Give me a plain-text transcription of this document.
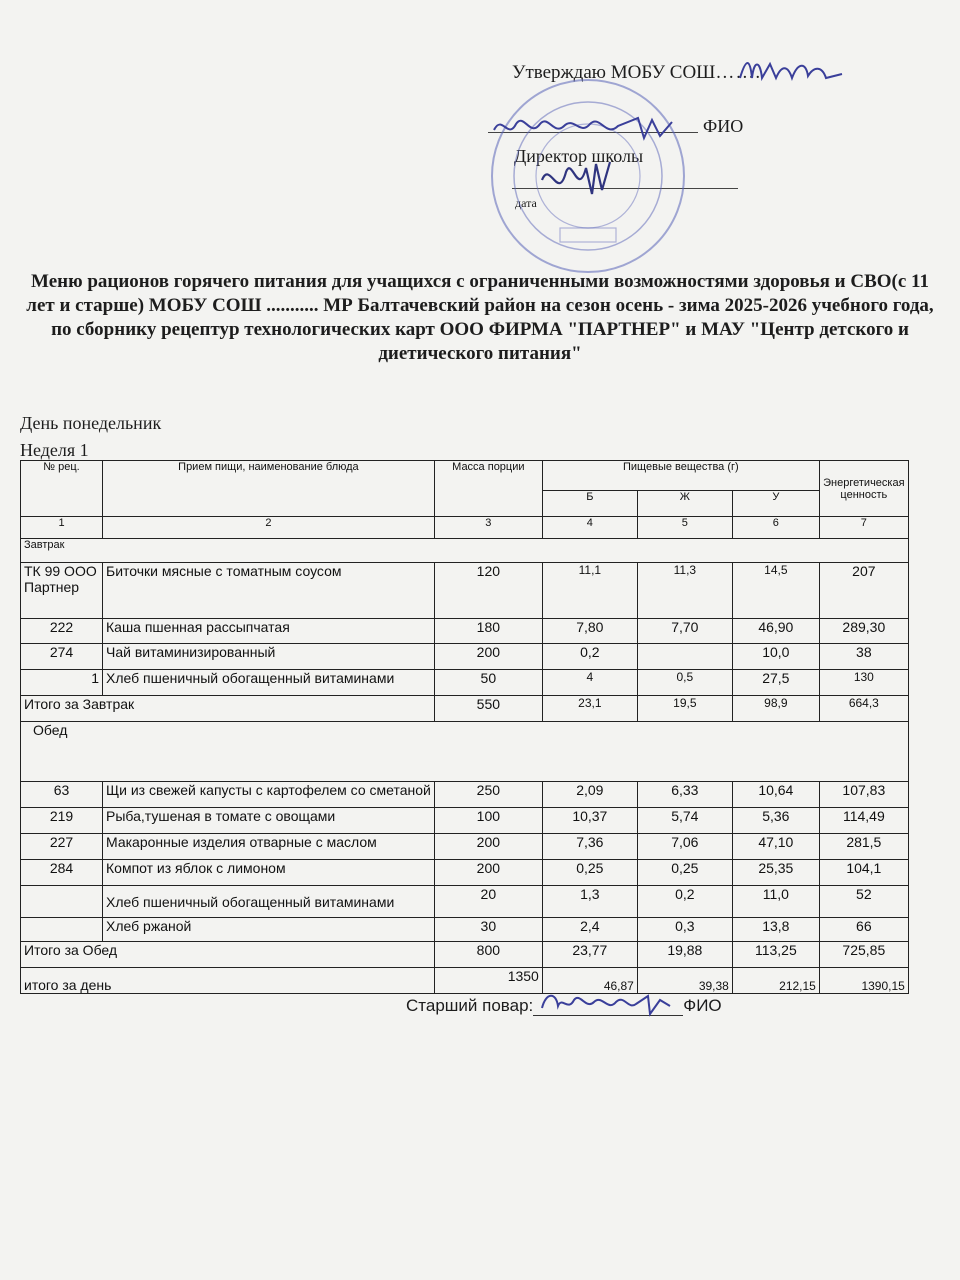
Утверждаю МОБУ СОШ…….
ФИО
Директор школы
дата
Меню рационов горячего питания для учащихся с ограниченными возможностями здоровья и СВО(с 11 лет и старше) МОБУ СОШ ........... МР Балтачевский район на сезон осень - зима 2025-2026 учебного года, по сборнику рецептур технологических карт ООО ФИРМА "ПАРТНЕР" и МАУ "Центр детского и диетического питания"
День понедельник
Неделя 1
№ рец.	Прием пищи, наименование блюда	Масса порции	Пищевые вещества (г)			Энергетическая ценность
			Б	Ж	У	
1	2	3	4	5	6	7
Завтрак						
ТК 99 ООО Партнер	Биточки мясные с томатным соусом	120	11,1	11,3	14,5	207
222	Каша пшенная рассыпчатая	180	7,80	7,70	46,90	289,30
274	Чай витаминизированный	200	0,2		10,0	38
1	Хлеб пшеничный обогащенный витаминами	50	4	0,5	27,5	130
Итого за Завтрак		550	23,1	19,5	98,9	664,3
Обед						
63	Щи из свежей капусты с картофелем со сметаной	250	2,09	6,33	10,64	107,83
219	Рыба,тушеная в томате с овощами	100	10,37	5,74	5,36	114,49
227	Макаронные изделия отварные с маслом	200	7,36	7,06	47,10	281,5
284	Компот из яблок с лимоном	200	0,25	0,25	25,35	104,1
	Хлеб пшеничный обогащенный витаминами	20	1,3	0,2	11,0	52
	Хлеб ржаной	30	2,4	0,3	13,8	66
Итого за Обед		800	23,77	19,88	113,25	725,85
итого за день		1350	46,87	39,38	212,15	1390,15
Старший повар:	ФИО
